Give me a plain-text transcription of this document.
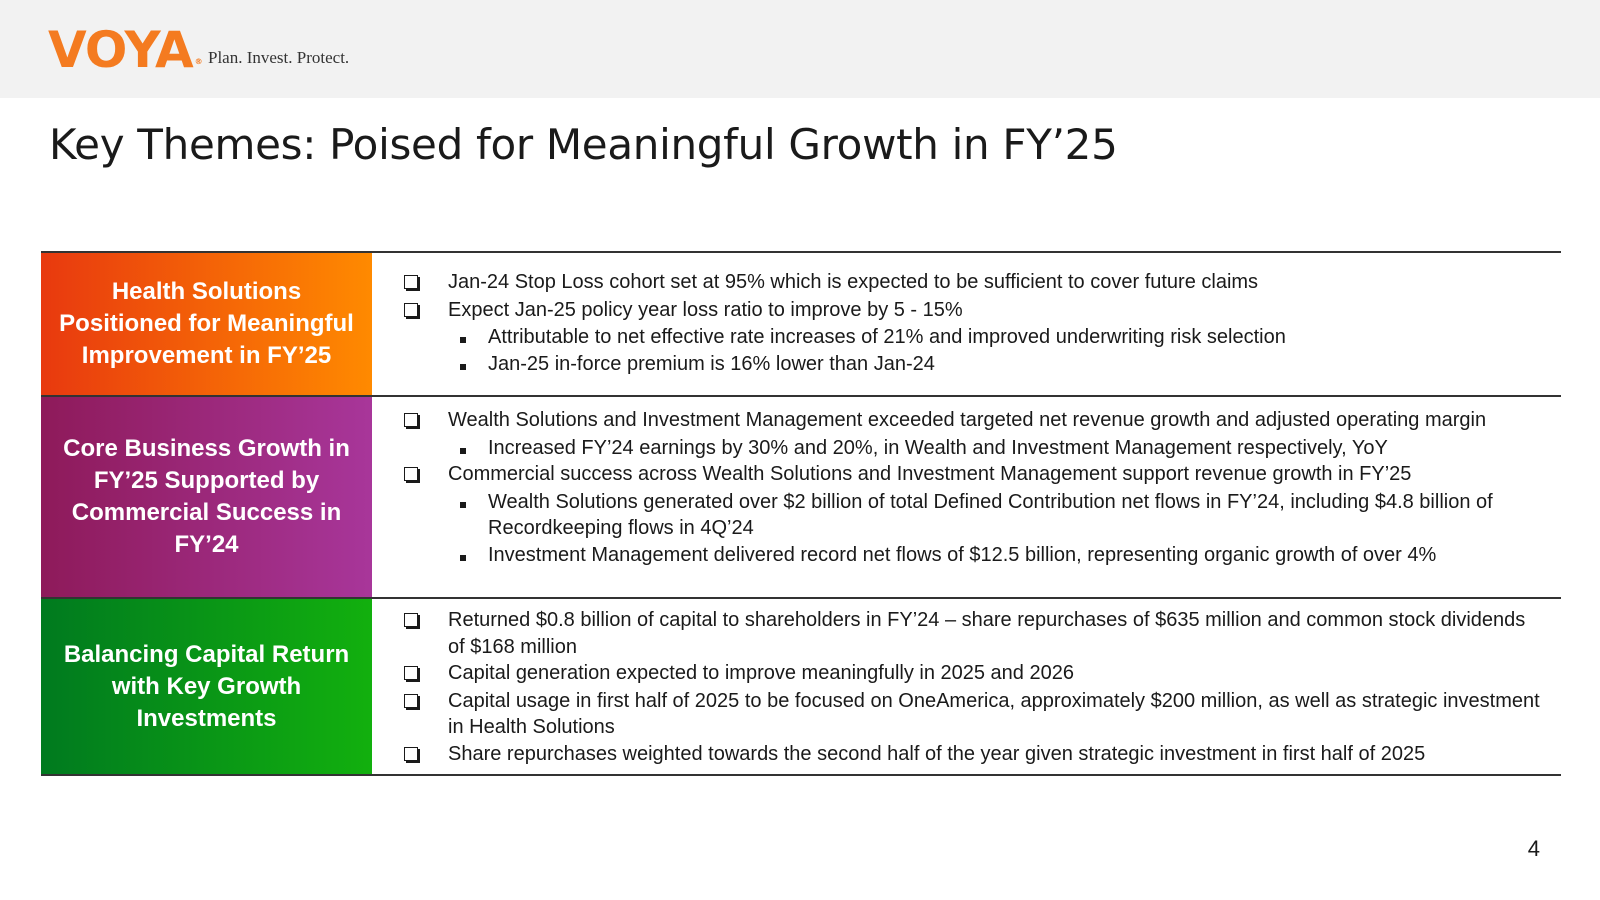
VOYA ® Plan. Invest. Protect.
Key Themes: Poised for Meaningful Growth in FY’25
Health Solutions Positioned for Meaningful Improvement in FY’25
Jan-24 Stop Loss cohort set at 95% which is expected to be sufficient to cover future claims
Expect Jan-25 policy year loss ratio to improve by 5 - 15%
Attributable to net effective rate increases of 21% and improved underwriting risk selection
Jan-25 in-force premium is 16% lower than Jan-24
Core Business Growth in FY’25 Supported by Commercial Success in FY’24
Wealth Solutions and Investment Management exceeded targeted net revenue growth and adjusted operating margin
Increased FY’24 earnings by 30% and 20%, in Wealth and Investment Management respectively, YoY
Commercial success across Wealth Solutions and Investment Management support revenue growth in FY’25
Wealth Solutions generated over $2 billion of total Defined Contribution net flows in FY’24, including $4.8 billion of Recordkeeping flows in 4Q’24
Investment Management delivered record net flows of $12.5 billion, representing organic growth of over 4%
Balancing Capital Return with Key Growth Investments
Returned $0.8 billion of capital to shareholders in FY’24 – share repurchases of $635 million and common stock dividends of $168 million
Capital generation expected to improve meaningfully in 2025 and 2026
Capital usage in first half of 2025 to be focused on OneAmerica, approximately $200 million, as well as strategic investment in Health Solutions
Share repurchases weighted towards the second half of the year given strategic investment in first half of 2025
4
